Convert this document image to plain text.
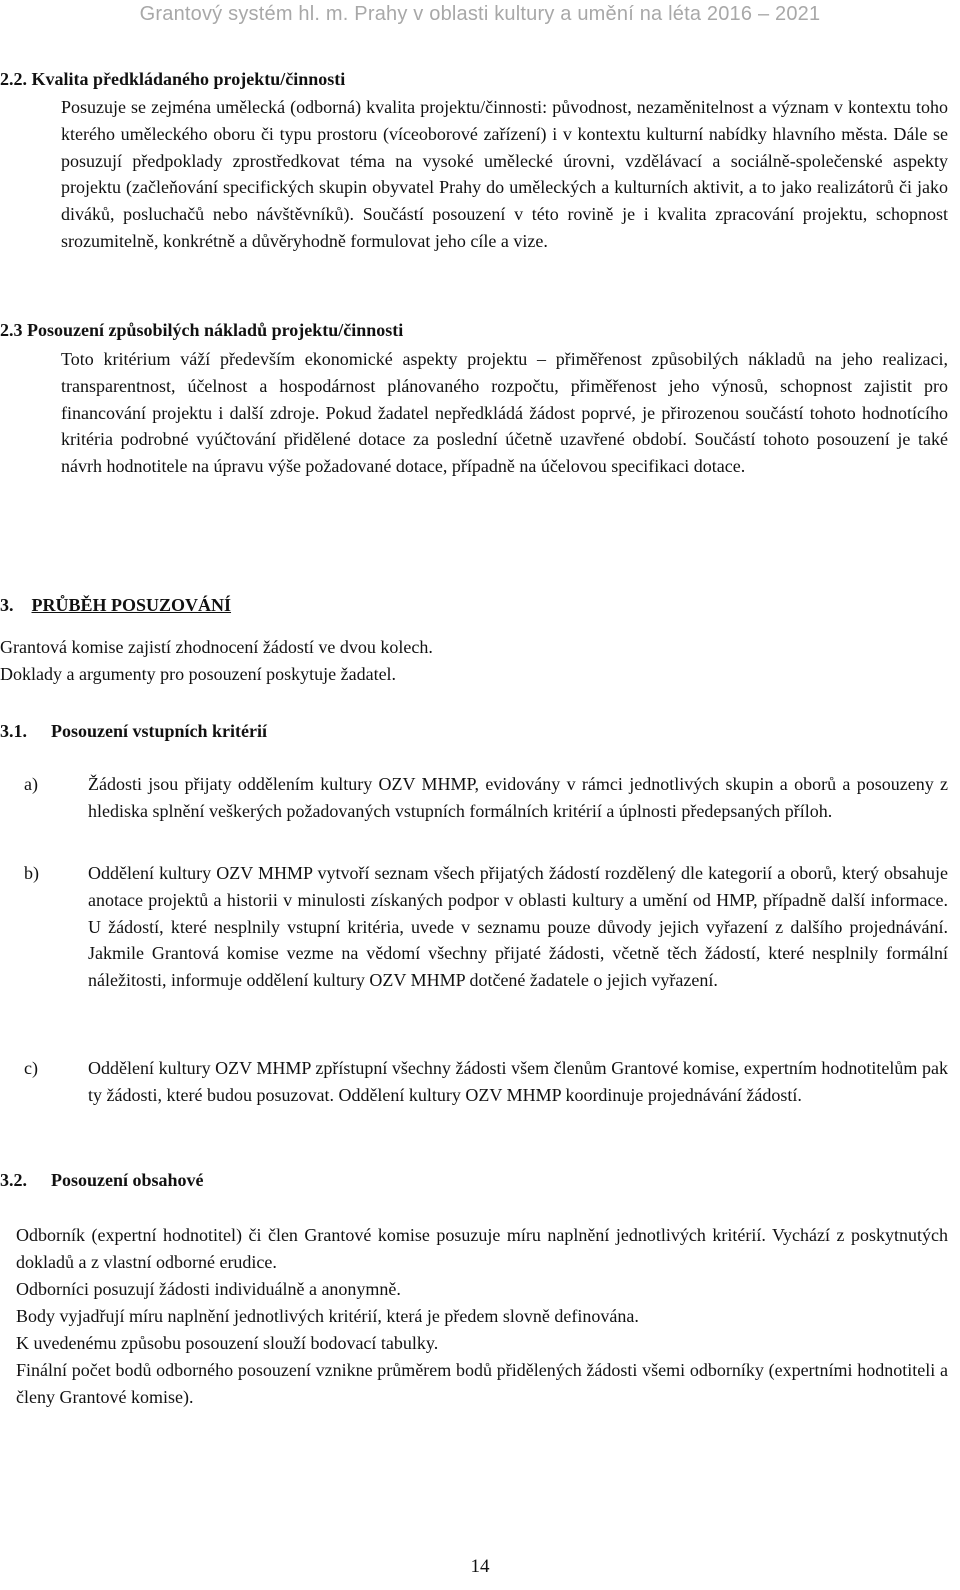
Grantový systém hl. m. Prahy v oblasti kultury a umění na léta 2016 – 2021
2.2. Kvalita předkládaného projektu/činnosti
Posuzuje se zejména umělecká (odborná) kvalita projektu/činnosti: původnost, nezaměnitelnost a význam v kontextu toho kterého uměleckého oboru či typu prostoru (víceoborové zařízení) i v kontextu kulturní nabídky hlavního města. Dále se posuzují předpoklady zprostředkovat téma na vysoké umělecké úrovni, vzdělávací a sociálně-společenské aspekty projektu (začleňování specifických skupin obyvatel Prahy do uměleckých a kulturních aktivit, a to jako realizátorů či jako diváků, posluchačů nebo návštěvníků). Součástí posouzení v této rovině je i kvalita zpracování projektu, schopnost srozumitelně, konkrétně a důvěryhodně formulovat jeho cíle a vize.
2.3 Posouzení způsobilých nákladů projektu/činnosti
Toto kritérium váží především ekonomické aspekty projektu – přiměřenost způsobilých nákladů na jeho realizaci, transparentnost, účelnost a hospodárnost plánovaného rozpočtu, přiměřenost jeho výnosů, schopnost zajistit pro financování projektu i další zdroje. Pokud žadatel nepředkládá žádost poprvé, je přirozenou součástí tohoto hodnotícího kritéria podrobné vyúčtování přidělené dotace za poslední účetně uzavřené období. Součástí tohoto posouzení je také návrh hodnotitele na úpravu výše požadované dotace, případně na účelovou specifikaci dotace.
3. PRŮBĚH POSUZOVÁNÍ
Grantová komise zajistí zhodnocení žádostí ve dvou kolech.
Doklady a argumenty pro posouzení poskytuje žadatel.
3.1. Posouzení vstupních kritérií
a)	Žádosti jsou přijaty oddělením kultury OZV MHMP, evidovány v rámci jednotlivých skupin a oborů a posouzeny z hlediska splnění veškerých požadovaných vstupních formálních kritérií a úplnosti předepsaných příloh.
b)	Oddělení kultury OZV MHMP vytvoří seznam všech přijatých žádostí rozdělený dle kategorií a oborů, který obsahuje anotace projektů a historii v minulosti získaných podpor v oblasti kultury a umění od HMP, případně další informace. U žádostí, které nesplnily vstupní kritéria, uvede v seznamu pouze důvody jejich vyřazení z dalšího projednávání. Jakmile Grantová komise vezme na vědomí všechny přijaté žádosti, včetně těch žádostí, které nesplnily formální náležitosti, informuje oddělení kultury OZV MHMP dotčené žadatele o jejich vyřazení.
c)	Oddělení kultury OZV MHMP zpřístupní všechny žádosti všem členům Grantové komise, expertním hodnotitelům pak ty žádosti, které budou posuzovat. Oddělení kultury OZV MHMP koordinuje projednávání žádostí.
3.2. Posouzení obsahové
Odborník (expertní hodnotitel) či člen Grantové komise posuzuje míru naplnění jednotlivých kritérií. Vychází z poskytnutých dokladů a z vlastní odborné erudice.
Odborníci posuzují žádosti individuálně a anonymně.
Body vyjadřují míru naplnění jednotlivých kritérií, která je předem slovně definována.
K uvedenému způsobu posouzení slouží bodovací tabulky.
Finální počet bodů odborného posouzení vznikne průměrem bodů přidělených žádosti všemi odborníky (expertními hodnotiteli a členy Grantové komise).
14
